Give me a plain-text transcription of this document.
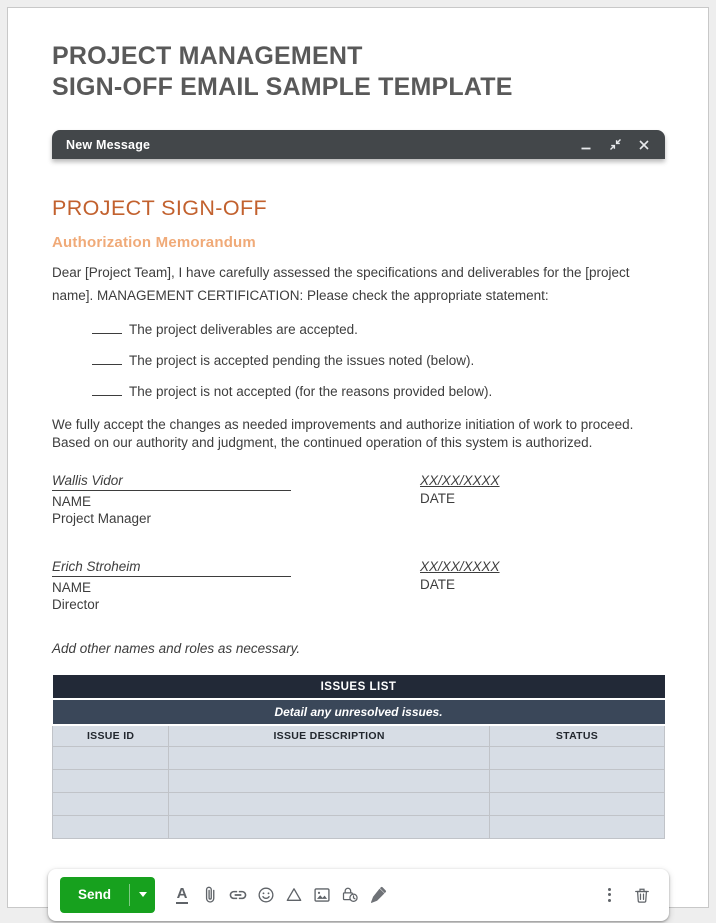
PROJECT MANAGEMENT
SIGN-OFF EMAIL SAMPLE TEMPLATE
New Message
PROJECT SIGN-OFF
Authorization Memorandum

Dear [Project Team], I have carefully assessed the specifications and deliverables for the [project name]. MANAGEMENT CERTIFICATION: Please check the appropriate statement:

The project deliverables are accepted.
The project is accepted pending the issues noted (below).
The project is not accepted (for the reasons provided below).

We fully accept the changes as needed improvements and authorize initiation of work to proceed. Based on our authority and judgment, the continued operation of this system is authorized.

Wallis Vidor
NAME
Project Manager
XX/XX/XXXX
DATE
Erich Stroheim
NAME
Director
XX/XX/XXXX
DATE
Add other names and roles as necessary.
ISSUES LIST		
Detail any unresolved issues.		
ISSUE ID	ISSUE DESCRIPTION	STATUS

Send	A
